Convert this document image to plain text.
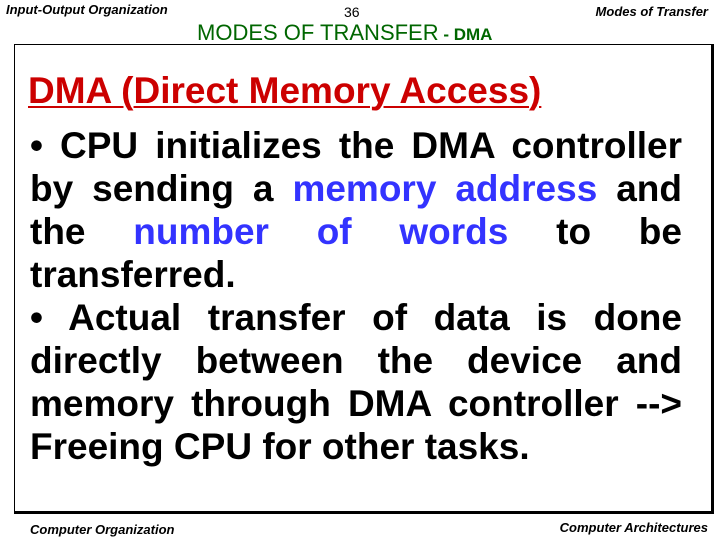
Input-Output Organization	36	Modes of Transfer
MODES OF TRANSFER - DMA
DMA (Direct Memory Access)
• CPU initializes the DMA controller by sending a memory address and the number of words to be transferred.
• Actual transfer of data is done directly between the device and memory through DMA controller --> Freeing CPU for other tasks.
Computer Organization	Computer Architectures
